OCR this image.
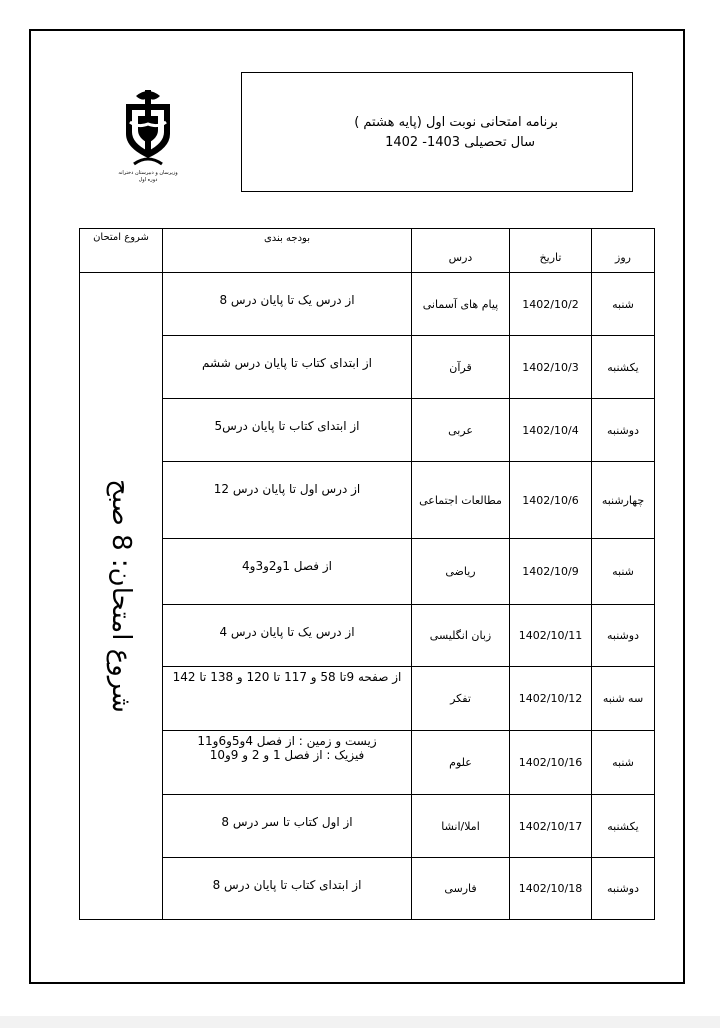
وزیرسان و دبیرستان دخترانه
دوره اول
برنامه امتحانی نوبت اول (پایه هشتم )
سال تحصیلی 1403- 1402
شروع امتحان	بودجه بندی	درس	تاریخ	روز

شروع امتحان: 8 صبح	از درس یک تا پایان درس 8	پیام های آسمانی	1402/10/2	شنبه

	از ابتدای کتاب تا پایان درس ششم	قرآن	1402/10/3	یکشنبه

	از ابتدای کتاب تا پایان درس5	عربی	1402/10/4	دوشنبه

	از درس اول تا پایان درس 12	مطالعات اجتماعی	1402/10/6	چهارشنبه

	از فصل 1و2و3و4	ریاضی	1402/10/9	شنبه

	از درس یک تا پایان درس 4	زبان انگلیسی	1402/10/11	دوشنبه

	از صفحه 9تا 58 و 117 تا 120 و 138 تا 142	تفکر	1402/10/12	سه شنبه

	زیست و زمین : از فصل 4و5و6و11
فیزیک : از فصل 1 و 2 و 9و10	علوم	1402/10/16	شنبه

	از اول کتاب تا سر درس 8	املا/انشا	1402/10/17	یکشنبه

	از ابتدای کتاب تا پایان درس 8	فارسی	1402/10/18	دوشنبه
